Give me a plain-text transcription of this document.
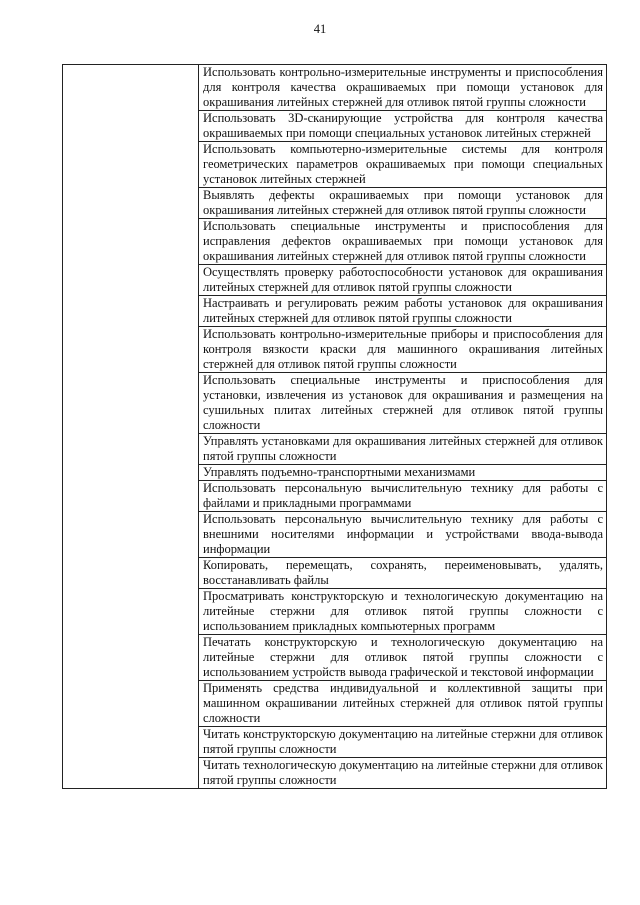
41
	Использовать контрольно-измерительные инструменты и приспособления для контроля качества окрашиваемых при помощи установок для окрашивания литейных стержней для отливок пятой группы сложности
Использовать 3D-сканирующие устройства для контроля качества окрашиваемых при помощи специальных установок литейных стержней
Использовать компьютерно-измерительные системы для контроля геометрических параметров окрашиваемых при помощи специальных установок литейных стержней
Выявлять дефекты окрашиваемых при помощи установок для окрашивания литейных стержней для отливок пятой группы сложности
Использовать специальные инструменты и приспособления для исправления дефектов окрашиваемых при помощи установок для окрашивания литейных стержней для отливок пятой группы сложности
Осуществлять проверку работоспособности установок для окрашивания литейных стержней для отливок пятой группы сложности
Настраивать и регулировать режим работы установок для окрашивания литейных стержней для отливок пятой группы сложности
Использовать контрольно-измерительные приборы и приспособления для контроля вязкости краски для машинного окрашивания литейных стержней для отливок пятой группы сложности
Использовать специальные инструменты и приспособления для установки, извлечения из установок для окрашивания и размещения на сушильных плитах литейных стержней для отливок пятой группы сложности
Управлять установками для окрашивания литейных стержней для отливок пятой группы сложности
Управлять подъемно-транспортными механизмами
Использовать персональную вычислительную технику для работы с файлами и прикладными программами
Использовать персональную вычислительную технику для работы с внешними носителями информации и устройствами ввода-вывода информации
Копировать, перемещать, сохранять, переименовывать, удалять, восстанавливать файлы
Просматривать конструкторскую и технологическую документацию на литейные стержни для отливок пятой группы сложности с использованием прикладных компьютерных программ
Печатать конструкторскую и технологическую документацию на литейные стержни для отливок пятой группы сложности с использованием устройств вывода графической и текстовой информации
Применять средства индивидуальной и коллективной защиты при машинном окрашивании литейных стержней для отливок пятой группы сложности
Читать конструкторскую документацию на литейные стержни для отливок пятой группы сложности
Читать технологическую документацию на литейные стержни для отливок пятой группы сложности
